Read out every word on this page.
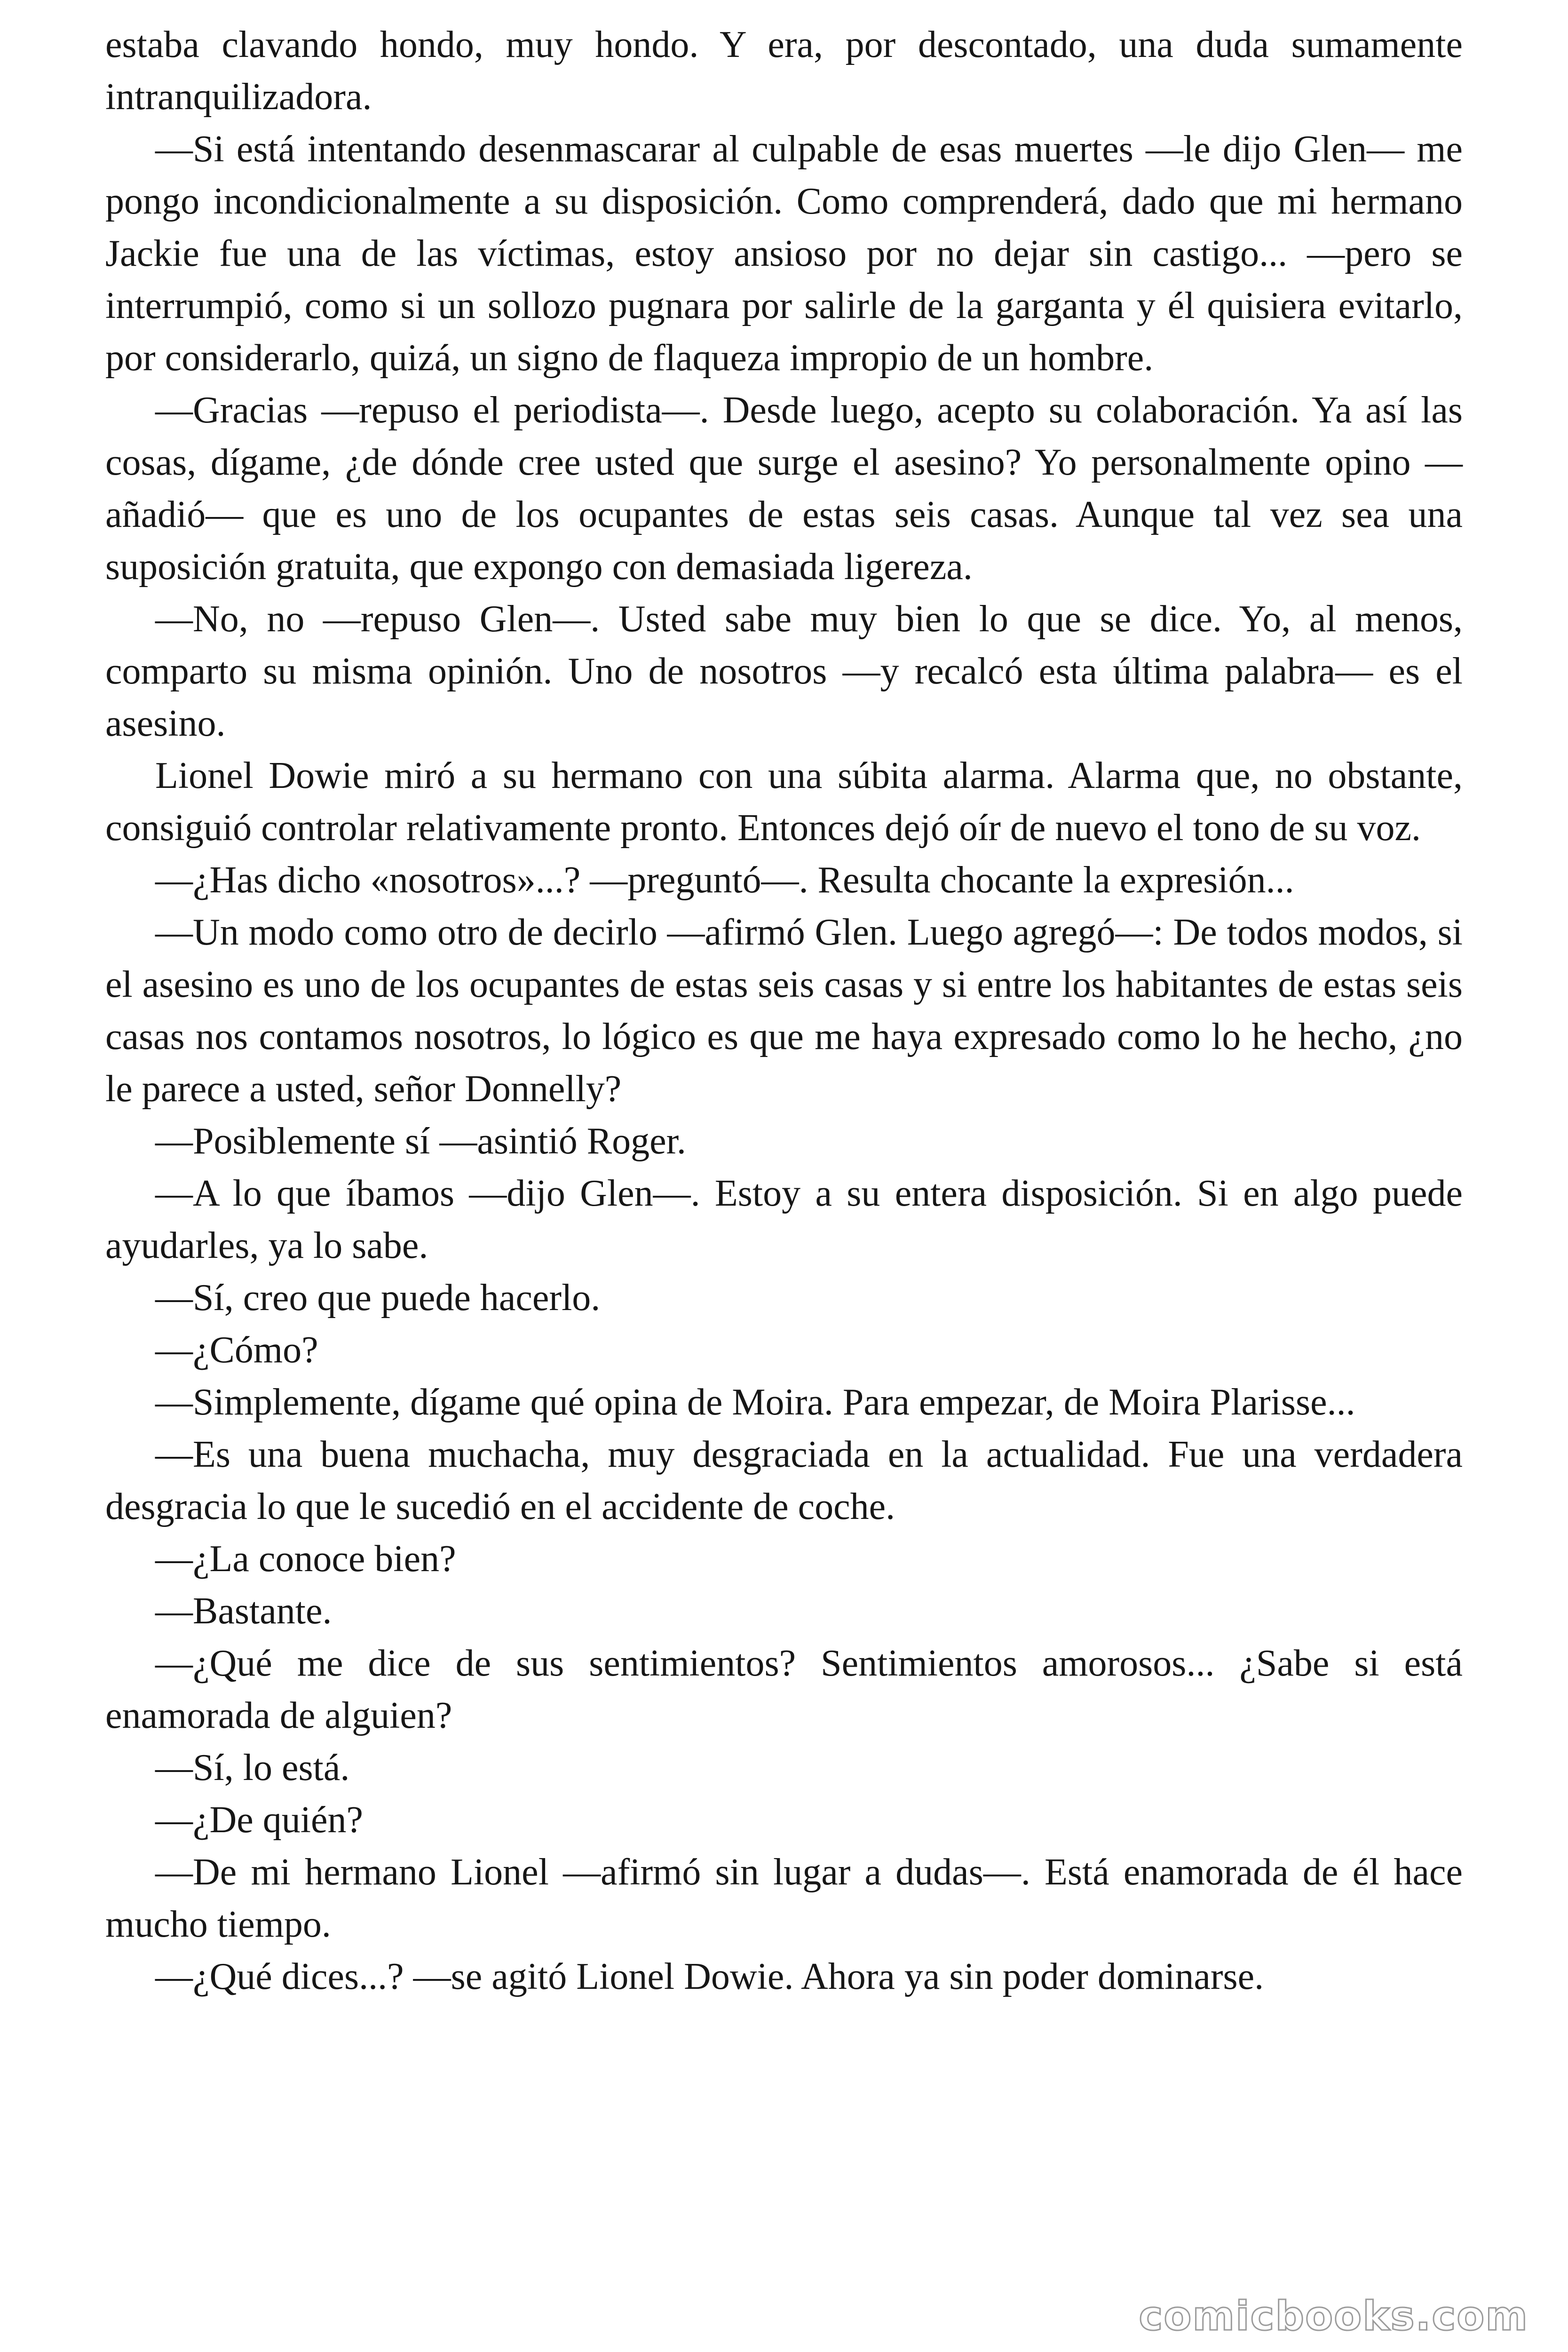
estaba clavando hondo, muy hondo. Y era, por descontado, una duda sumamente intranquilizadora.

—Si está intentando desenmascarar al culpable de esas muertes —le dijo Glen— me pongo incondicionalmente a su disposición. Como comprenderá, dado que mi hermano Jackie fue una de las víctimas, estoy ansioso por no dejar sin castigo... —pero se interrumpió, como si un sollozo pugnara por salirle de la garganta y él quisiera evitarlo, por considerarlo, quizá, un signo de flaqueza impropio de un hombre.

—Gracias —repuso el periodista—. Desde luego, acepto su colaboración. Ya así las cosas, dígame, ¿de dónde cree usted que surge el asesino? Yo personalmente opino —añadió— que es uno de los ocupantes de estas seis casas. Aunque tal vez sea una suposición gratuita, que expongo con demasiada ligereza.

—No, no —repuso Glen—. Usted sabe muy bien lo que se dice. Yo, al menos, comparto su misma opinión. Uno de nosotros —y recalcó esta última palabra— es el asesino.

Lionel Dowie miró a su hermano con una súbita alarma. Alarma que, no obstante, consiguió controlar relativamente pronto. Entonces dejó oír de nuevo el tono de su voz.

—¿Has dicho «nosotros»...? —preguntó—. Resulta chocante la expresión...

—Un modo como otro de decirlo —afirmó Glen. Luego agregó—: De todos modos, si el asesino es uno de los ocupantes de estas seis casas y si entre los habitantes de estas seis casas nos contamos nosotros, lo lógico es que me haya expresado como lo he hecho, ¿no le parece a usted, señor Donnelly?

—Posiblemente sí —asintió Roger.

—A lo que íbamos —dijo Glen—. Estoy a su entera disposición. Si en algo puede ayudarles, ya lo sabe.

—Sí, creo que puede hacerlo.

—¿Cómo?

—Simplemente, dígame qué opina de Moira. Para empezar, de Moira Plarisse...

—Es una buena muchacha, muy desgraciada en la actualidad. Fue una verdadera desgracia lo que le sucedió en el accidente de coche.

—¿La conoce bien?

—Bastante.

—¿Qué me dice de sus sentimientos? Sentimientos amorosos... ¿Sabe si está enamorada de alguien?

—Sí, lo está.

—¿De quién?

—De mi hermano Lionel —afirmó sin lugar a dudas—. Está enamorada de él hace mucho tiempo.

—¿Qué dices...? —se agitó Lionel Dowie. Ahora ya sin poder dominarse.

comicbooks.com
